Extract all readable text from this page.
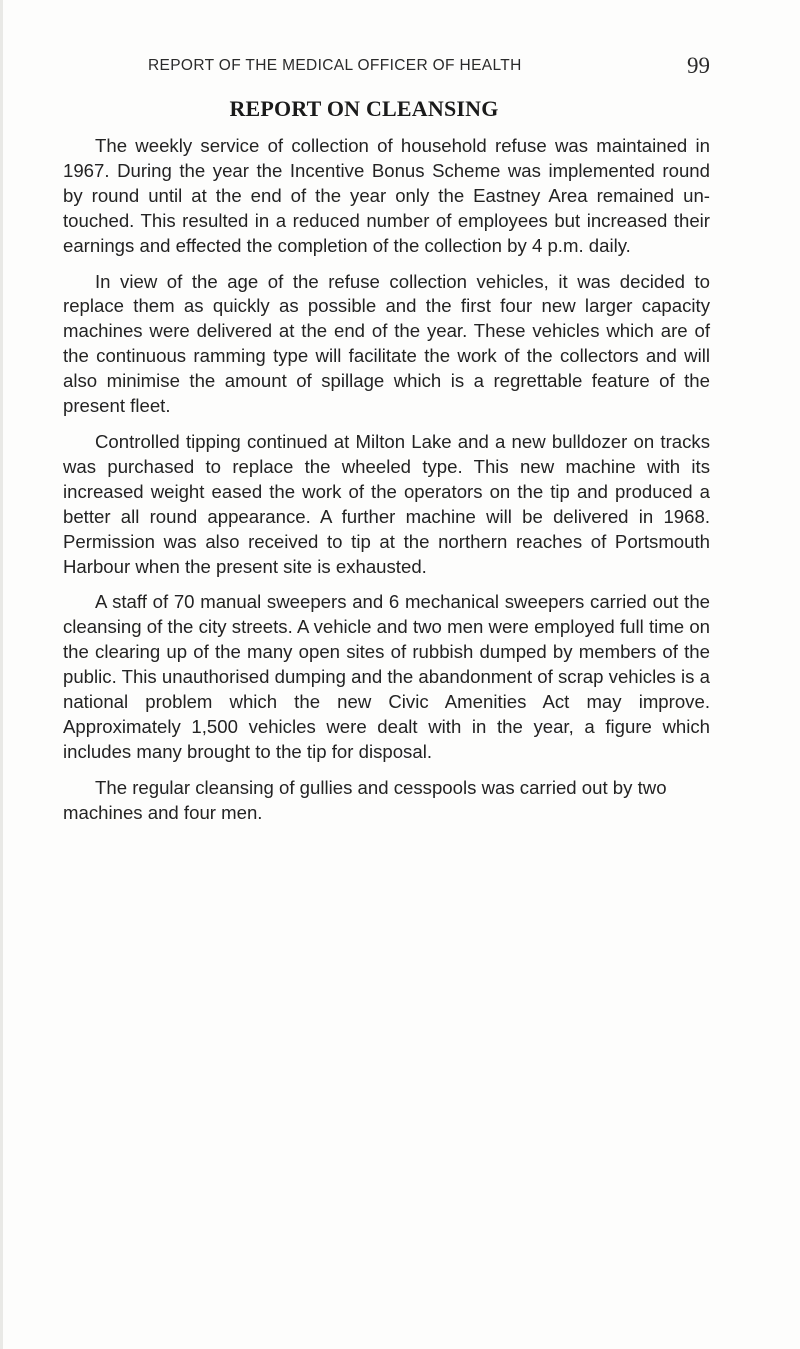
REPORT OF THE MEDICAL OFFICER OF HEALTH	99
REPORT ON CLEANSING

The weekly service of collection of household refuse was maintained in 1967. During the year the Incentive Bonus Scheme was implemented round by round until at the end of the year only the Eastney Area remained untouched. This resulted in a reduced number of employees but increased their earnings and effected the completion of the collection by 4 p.m. daily.

In view of the age of the refuse collection vehicles, it was decided to replace them as quickly as possible and the first four new larger capacity machines were delivered at the end of the year. These vehicles which are of the continuous ramming type will facilitate the work of the collectors and will also minimise the amount of spillage which is a regrettable feature of the present fleet.

Controlled tipping continued at Milton Lake and a new bulldozer on tracks was purchased to replace the wheeled type. This new machine with its increased weight eased the work of the operators on the tip and produced a better all round appearance. A further machine will be delivered in 1968. Permission was also received to tip at the northern reaches of Portsmouth Harbour when the present site is exhausted.

A staff of 70 manual sweepers and 6 mechanical sweepers carried out the cleansing of the city streets. A vehicle and two men were employed full time on the clearing up of the many open sites of rubbish dumped by members of the public. This unauthorised dumping and the abandonment of scrap vehicles is a national problem which the new Civic Amenities Act may improve. Approximately 1,500 vehicles were dealt with in the year, a figure which includes many brought to the tip for disposal.

The regular cleansing of gullies and cesspools was carried out by two machines and four men.
